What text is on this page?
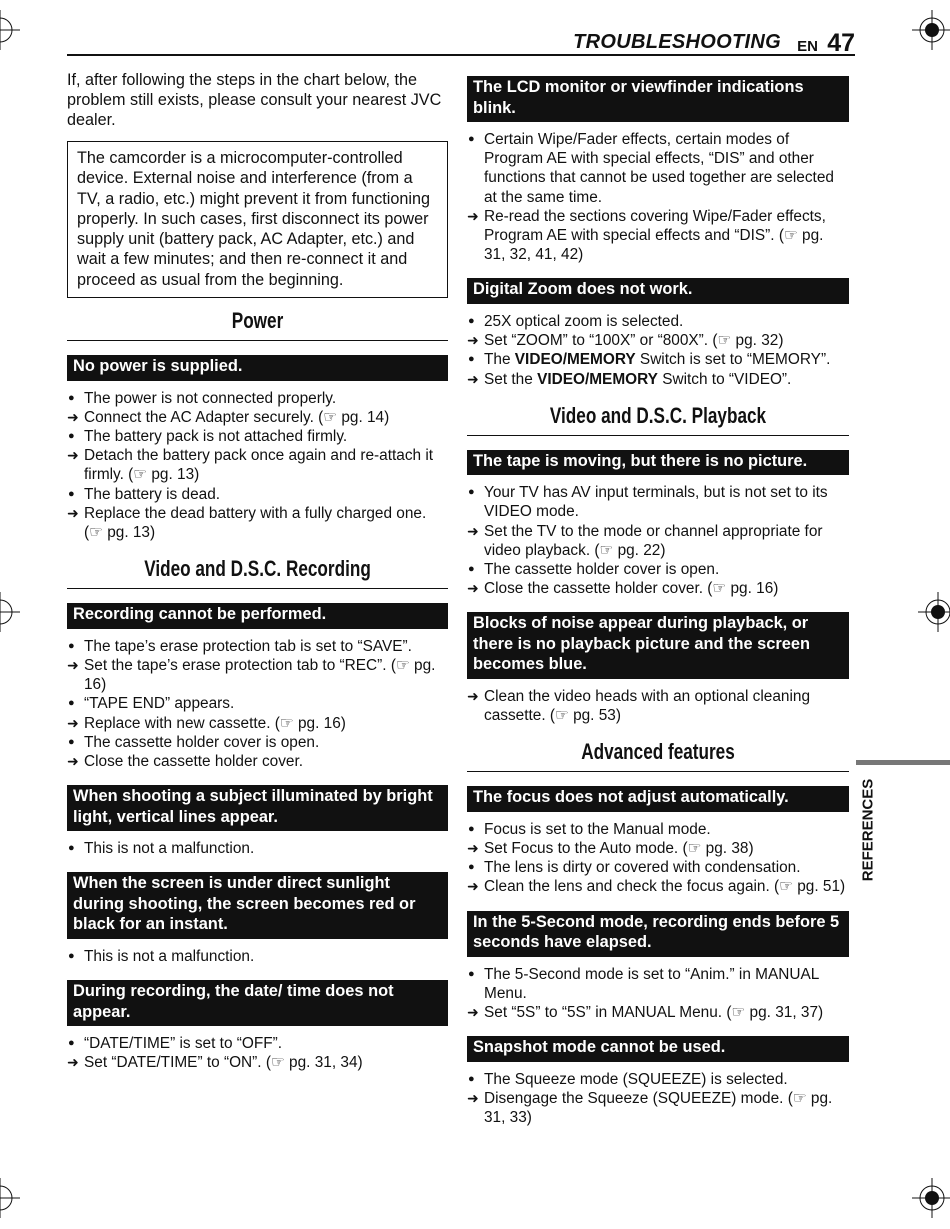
TROUBLESHOOTING EN 47
REFERENCES

If, after following the steps in the chart below, the problem still exists, please consult your nearest JVC dealer.

The camcorder is a microcomputer-controlled device. External noise and interference (from a TV, a radio, etc.) might prevent it from functioning properly. In such cases, first disconnect its power supply unit (battery pack, AC Adapter, etc.) and wait a few minutes; and then re-connect it and proceed as usual from the beginning.
Power
No power is supplied.
● The power is not connected properly.
➜ Connect the AC Adapter securely. (☞ pg. 14)
● The battery pack is not attached firmly.
➜ Detach the battery pack once again and re-attach it firmly. (☞ pg. 13)
● The battery is dead.
➜ Replace the dead battery with a fully charged one. (☞ pg. 13)
Video and D.S.C. Recording
Recording cannot be performed.
● The tape’s erase protection tab is set to “SAVE”.
➜ Set the tape’s erase protection tab to “REC”. (☞ pg. 16)
● “TAPE END” appears.
➜ Replace with new cassette. (☞ pg. 16)
● The cassette holder cover is open.
➜ Close the cassette holder cover.
When shooting a subject illuminated by bright light, vertical lines appear.
● This is not a malfunction.
When the screen is under direct sunlight during shooting, the screen becomes red or black for an instant.
● This is not a malfunction.
During recording, the date/ time does not appear.
● “DATE/TIME” is set to “OFF”.
➜ Set “DATE/TIME” to “ON”. (☞ pg. 31, 34)
The LCD monitor or viewfinder indications blink.
● Certain Wipe/Fader effects, certain modes of Program AE with special effects, “DIS” and other functions that cannot be used together are selected at the same time.
➜ Re-read the sections covering Wipe/Fader effects, Program AE with special effects and “DIS”. (☞ pg. 31, 32, 41, 42)
Digital Zoom does not work.
● 25X optical zoom is selected.
➜ Set “ZOOM” to “100X” or “800X”. (☞ pg. 32)
● The VIDEO/MEMORY Switch is set to “MEMORY”.
➜ Set the VIDEO/MEMORY Switch to “VIDEO”.
Video and D.S.C. Playback
The tape is moving, but there is no picture.
● Your TV has AV input terminals, but is not set to its VIDEO mode.
➜ Set the TV to the mode or channel appropriate for video playback. (☞ pg. 22)
● The cassette holder cover is open.
➜ Close the cassette holder cover. (☞ pg. 16)
Blocks of noise appear during playback, or there is no playback picture and the screen becomes blue.
➜ Clean the video heads with an optional cleaning cassette. (☞ pg. 53)
Advanced features
The focus does not adjust automatically.
● Focus is set to the Manual mode.
➜ Set Focus to the Auto mode. (☞ pg. 38)
● The lens is dirty or covered with condensation.
➜ Clean the lens and check the focus again. (☞ pg. 51)
In the 5-Second mode, recording ends before 5 seconds have elapsed.
● The 5-Second mode is set to “Anim.” in MANUAL Menu.
➜ Set “5S” to “5S” in MANUAL Menu. (☞ pg. 31, 37)
Snapshot mode cannot be used.
● The Squeeze mode (SQUEEZE) is selected.
➜ Disengage the Squeeze (SQUEEZE) mode. (☞ pg. 31, 33)
